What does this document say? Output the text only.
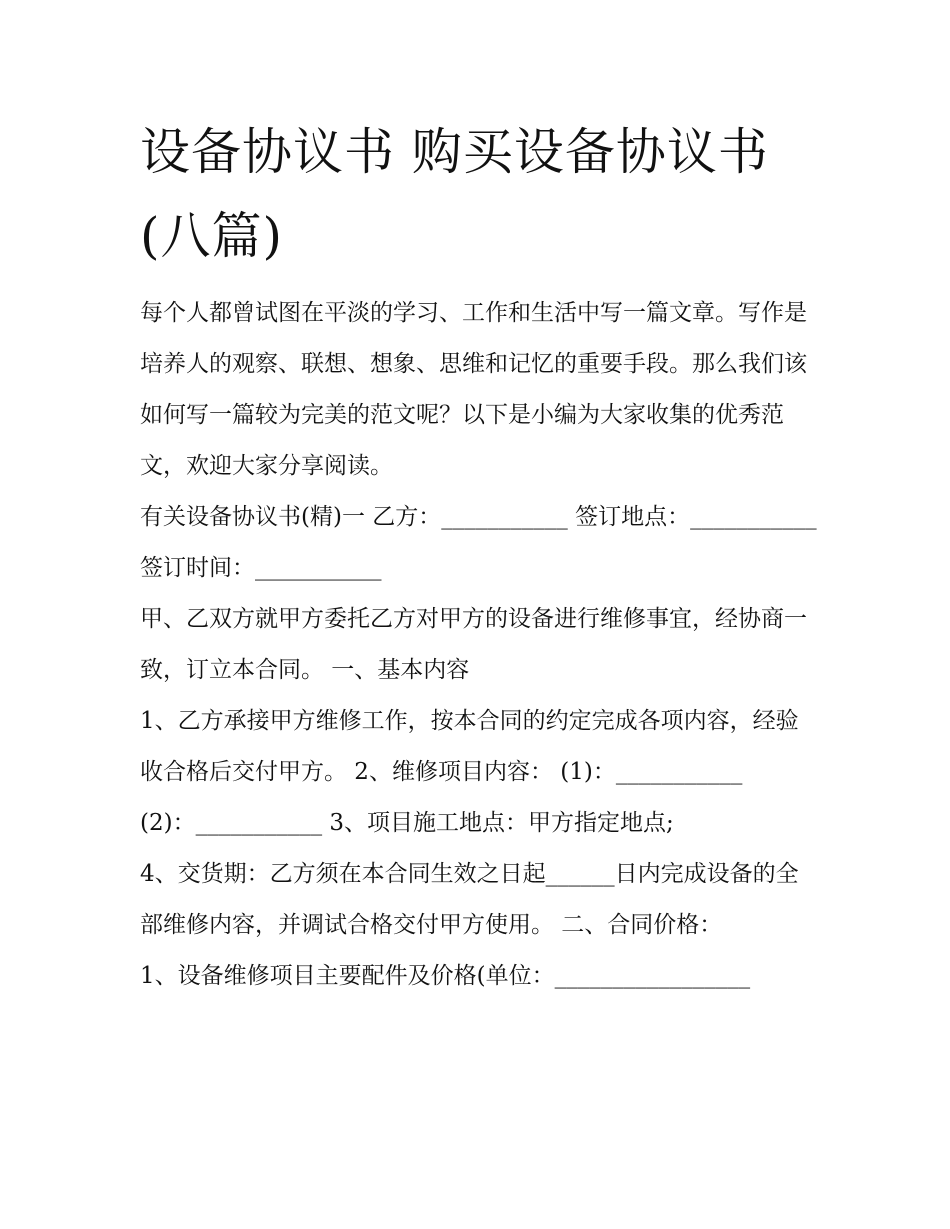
设备协议书 购买设备协议书
(八篇)

每个人都曾试图在平淡的学习、工作和生活中写一篇文章。写作是培养人的观察、联想、想象、思维和记忆的重要手段。那么我们该如何写一篇较为完美的范文呢？以下是小编为大家收集的优秀范文，欢迎大家分享阅读。

有关设备协议书(精)一 乙方：___________ 签订地点：___________ 签订时间：___________

甲、乙双方就甲方委托乙方对甲方的设备进行维修事宜，经协商一致，订立本合同。 一、基本内容

1、乙方承接甲方维修工作，按本合同的约定完成各项内容，经验收合格后交付甲方。 2、维修项目内容： (1)：___________

(2)：___________ 3、项目施工地点：甲方指定地点;

4、交货期：乙方须在本合同生效之日起______日内完成设备的全部维修内容，并调试合格交付甲方使用。 二、合同价格：

1、设备维修项目主要配件及价格(单位：_________________
